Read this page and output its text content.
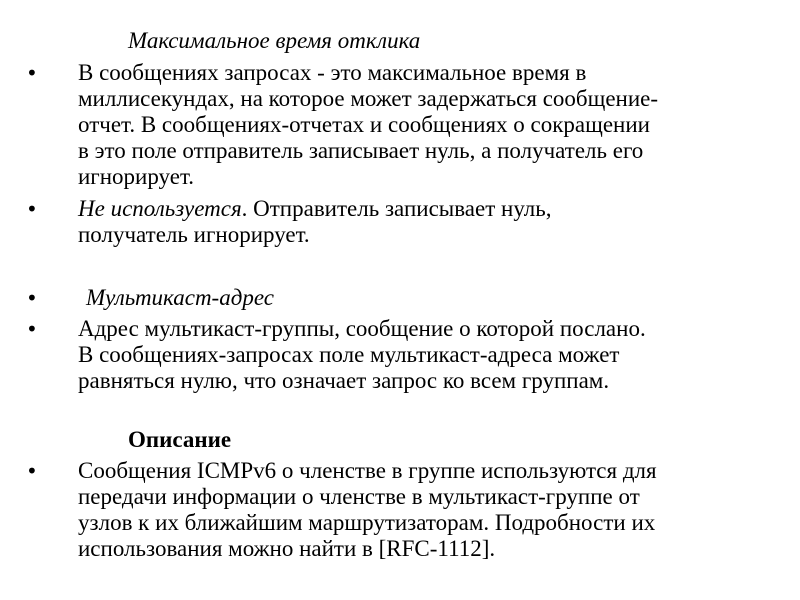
Максимальное время отклика
•	В сообщениях запросах - это максимальное время в
миллисекундах, на которое может задержаться сообщение-
отчет. В сообщениях-отчетах и сообщениях о сокращении
в это поле отправитель записывает нуль, а получатель его
игнорирует.
•	Не используется. Отправитель записывает нуль,
получатель игнорирует.
•	Мультикаст-адрес
•	Адрес мультикаст-группы, сообщение о которой послано.
В сообщениях-запросах поле мультикаст-адреса может
равняться нулю, что означает запрос ко всем группам.
Описание
•	Сообщения ICMPv6 о членстве в группе используются для
передачи информации о членстве в мультикаст-группе от
узлов к их ближайшим маршрутизаторам. Подробности их
использования можно найти в [RFC-1112].
